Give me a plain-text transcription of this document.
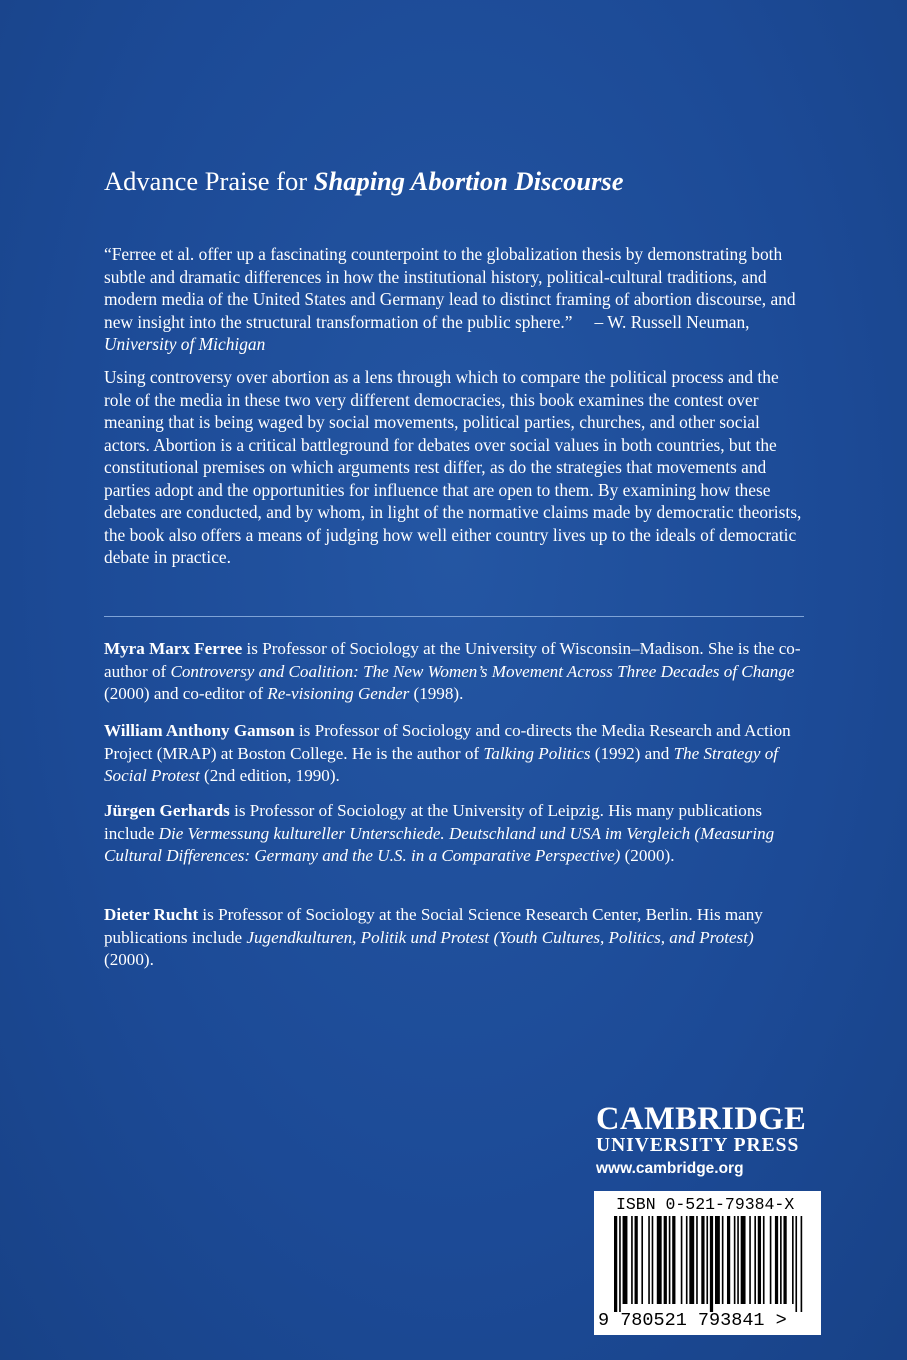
Advance Praise for Shaping Abortion Discourse

“Ferree et al. offer up a fascinating counterpoint to the globalization thesis by demonstrating both subtle and dramatic differences in how the institutional history, political-cultural traditions, and modern media of the United States and Germany lead to distinct framing of abortion discourse, and new insight into the structural transformation of the public sphere.” – W. Russell Neuman, University of Michigan

Using controversy over abortion as a lens through which to compare the political process and the role of the media in these two very different democracies, this book examines the contest over meaning that is being waged by social movements, political parties, churches, and other social actors. Abortion is a critical battleground for debates over social values in both countries, but the constitutional premises on which arguments rest differ, as do the strategies that movements and parties adopt and the opportunities for influence that are open to them. By examining how these debates are conducted, and by whom, in light of the normative claims made by democratic theorists, the book also offers a means of judging how well either country lives up to the ideals of democratic debate in practice.

Myra Marx Ferree is Professor of Sociology at the University of Wisconsin–Madison. She is the co-author of Controversy and Coalition: The New Women’s Movement Across Three Decades of Change (2000) and co-editor of Re-visioning Gender (1998).
William Anthony Gamson is Professor of Sociology and co-directs the Media Research and Action Project (MRAP) at Boston College. He is the author of Talking Politics (1992) and The Strategy of Social Protest (2nd edition, 1990).
Jürgen Gerhards is Professor of Sociology at the University of Leipzig. His many publications include Die Vermessung kultureller Unterschiede. Deutschland und USA im Vergleich (Measuring Cultural Differences: Germany and the U.S. in a Comparative Perspective) (2000).
Dieter Rucht is Professor of Sociology at the Social Science Research Center, Berlin. His many publications include Jugendkulturen, Politik und Protest (Youth Cultures, Politics, and Protest) (2000).
CAMBRIDGE
UNIVERSITY PRESS
www.cambridge.org
ISBN 0-521-79384-X
9 780521 793841 >
